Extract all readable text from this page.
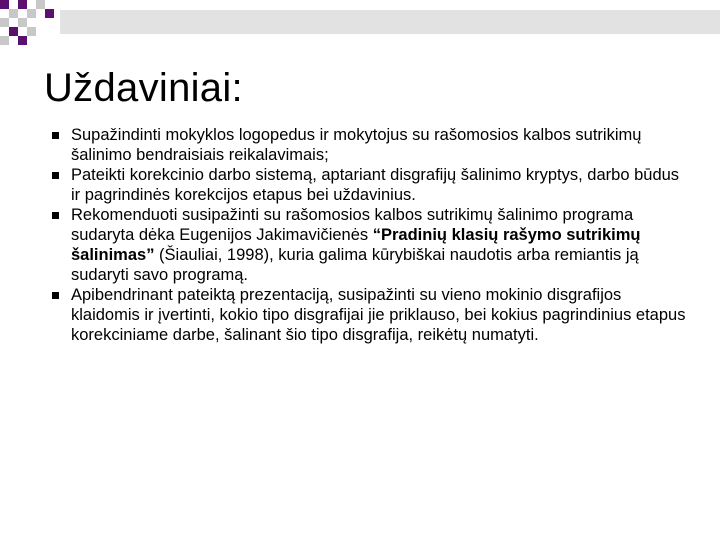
Uždaviniai:
Supažindinti mokyklos logopedus ir mokytojus su rašomosios kalbos sutrikimų šalinimo bendraisiais reikalavimais;
Pateikti korekcinio darbo sistemą, aptariant disgrafijų šalinimo kryptys, darbo būdus ir pagrindinės korekcijos etapus bei uždavinius.
Rekomenduoti susipažinti su rašomosios kalbos sutrikimų šalinimo programa sudaryta dėka Eugenijos Jakimavičienės “Pradinių klasių rašymo sutrikimų šalinimas” (Šiauliai, 1998), kuria galima kūrybiškai naudotis arba remiantis ją sudaryti savo programą.
Apibendrinant pateiktą prezentaciją, susipažinti su vieno mokinio disgrafijos klaidomis ir įvertinti, kokio tipo disgrafijai jie priklauso, bei kokius pagrindinius etapus korekciniame darbe, šalinant šio tipo disgrafija, reikėtų numatyti.
